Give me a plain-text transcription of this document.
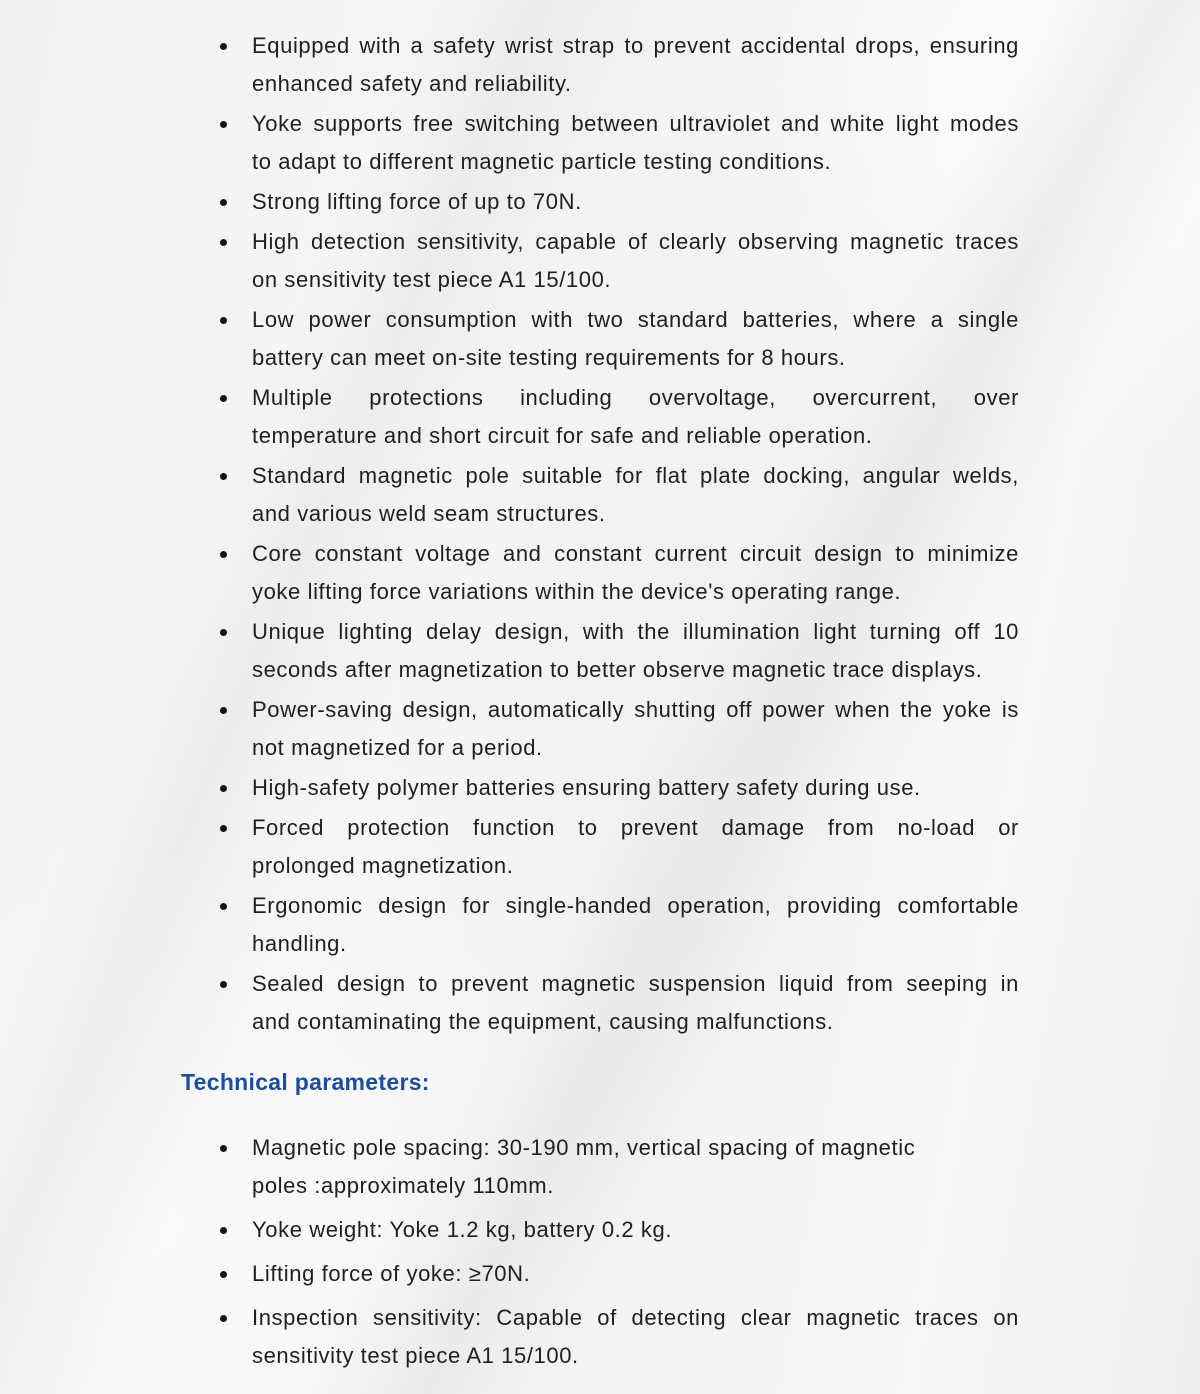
Equipped with a safety wrist strap to prevent accidental drops, ensuring
enhanced safety and reliability.
Yoke supports free switching between ultraviolet and white light modes
to adapt to different magnetic particle testing conditions.
Strong lifting force of up to 70N.
High detection sensitivity, capable of clearly observing magnetic traces
on sensitivity test piece A1 15/100.
Low power consumption with two standard batteries, where a single
battery can meet on-site testing requirements for 8 hours.
Multiple protections including overvoltage, overcurrent, over
temperature and short circuit for safe and reliable operation.
Standard magnetic pole suitable for flat plate docking, angular welds,
and various weld seam structures.
Core constant voltage and constant current circuit design to minimize
yoke lifting force variations within the device's operating range.
Unique lighting delay design, with the illumination light turning off 10
seconds after magnetization to better observe magnetic trace displays.
Power-saving design, automatically shutting off power when the yoke is
not magnetized for a period.
High-safety polymer batteries ensuring battery safety during use.
Forced protection function to prevent damage from no-load or
prolonged magnetization.
Ergonomic design for single-handed operation, providing comfortable
handling.
Sealed design to prevent magnetic suspension liquid from seeping in
and contaminating the equipment, causing malfunctions.
Technical parameters:
Magnetic pole spacing: 30-190 mm, vertical spacing of magnetic
poles :approximately 110mm.
Yoke weight: Yoke 1.2 kg, battery 0.2 kg.
Lifting force of yoke: ≥70N.
Inspection sensitivity: Capable of detecting clear magnetic traces on
sensitivity test piece A1 15/100.
